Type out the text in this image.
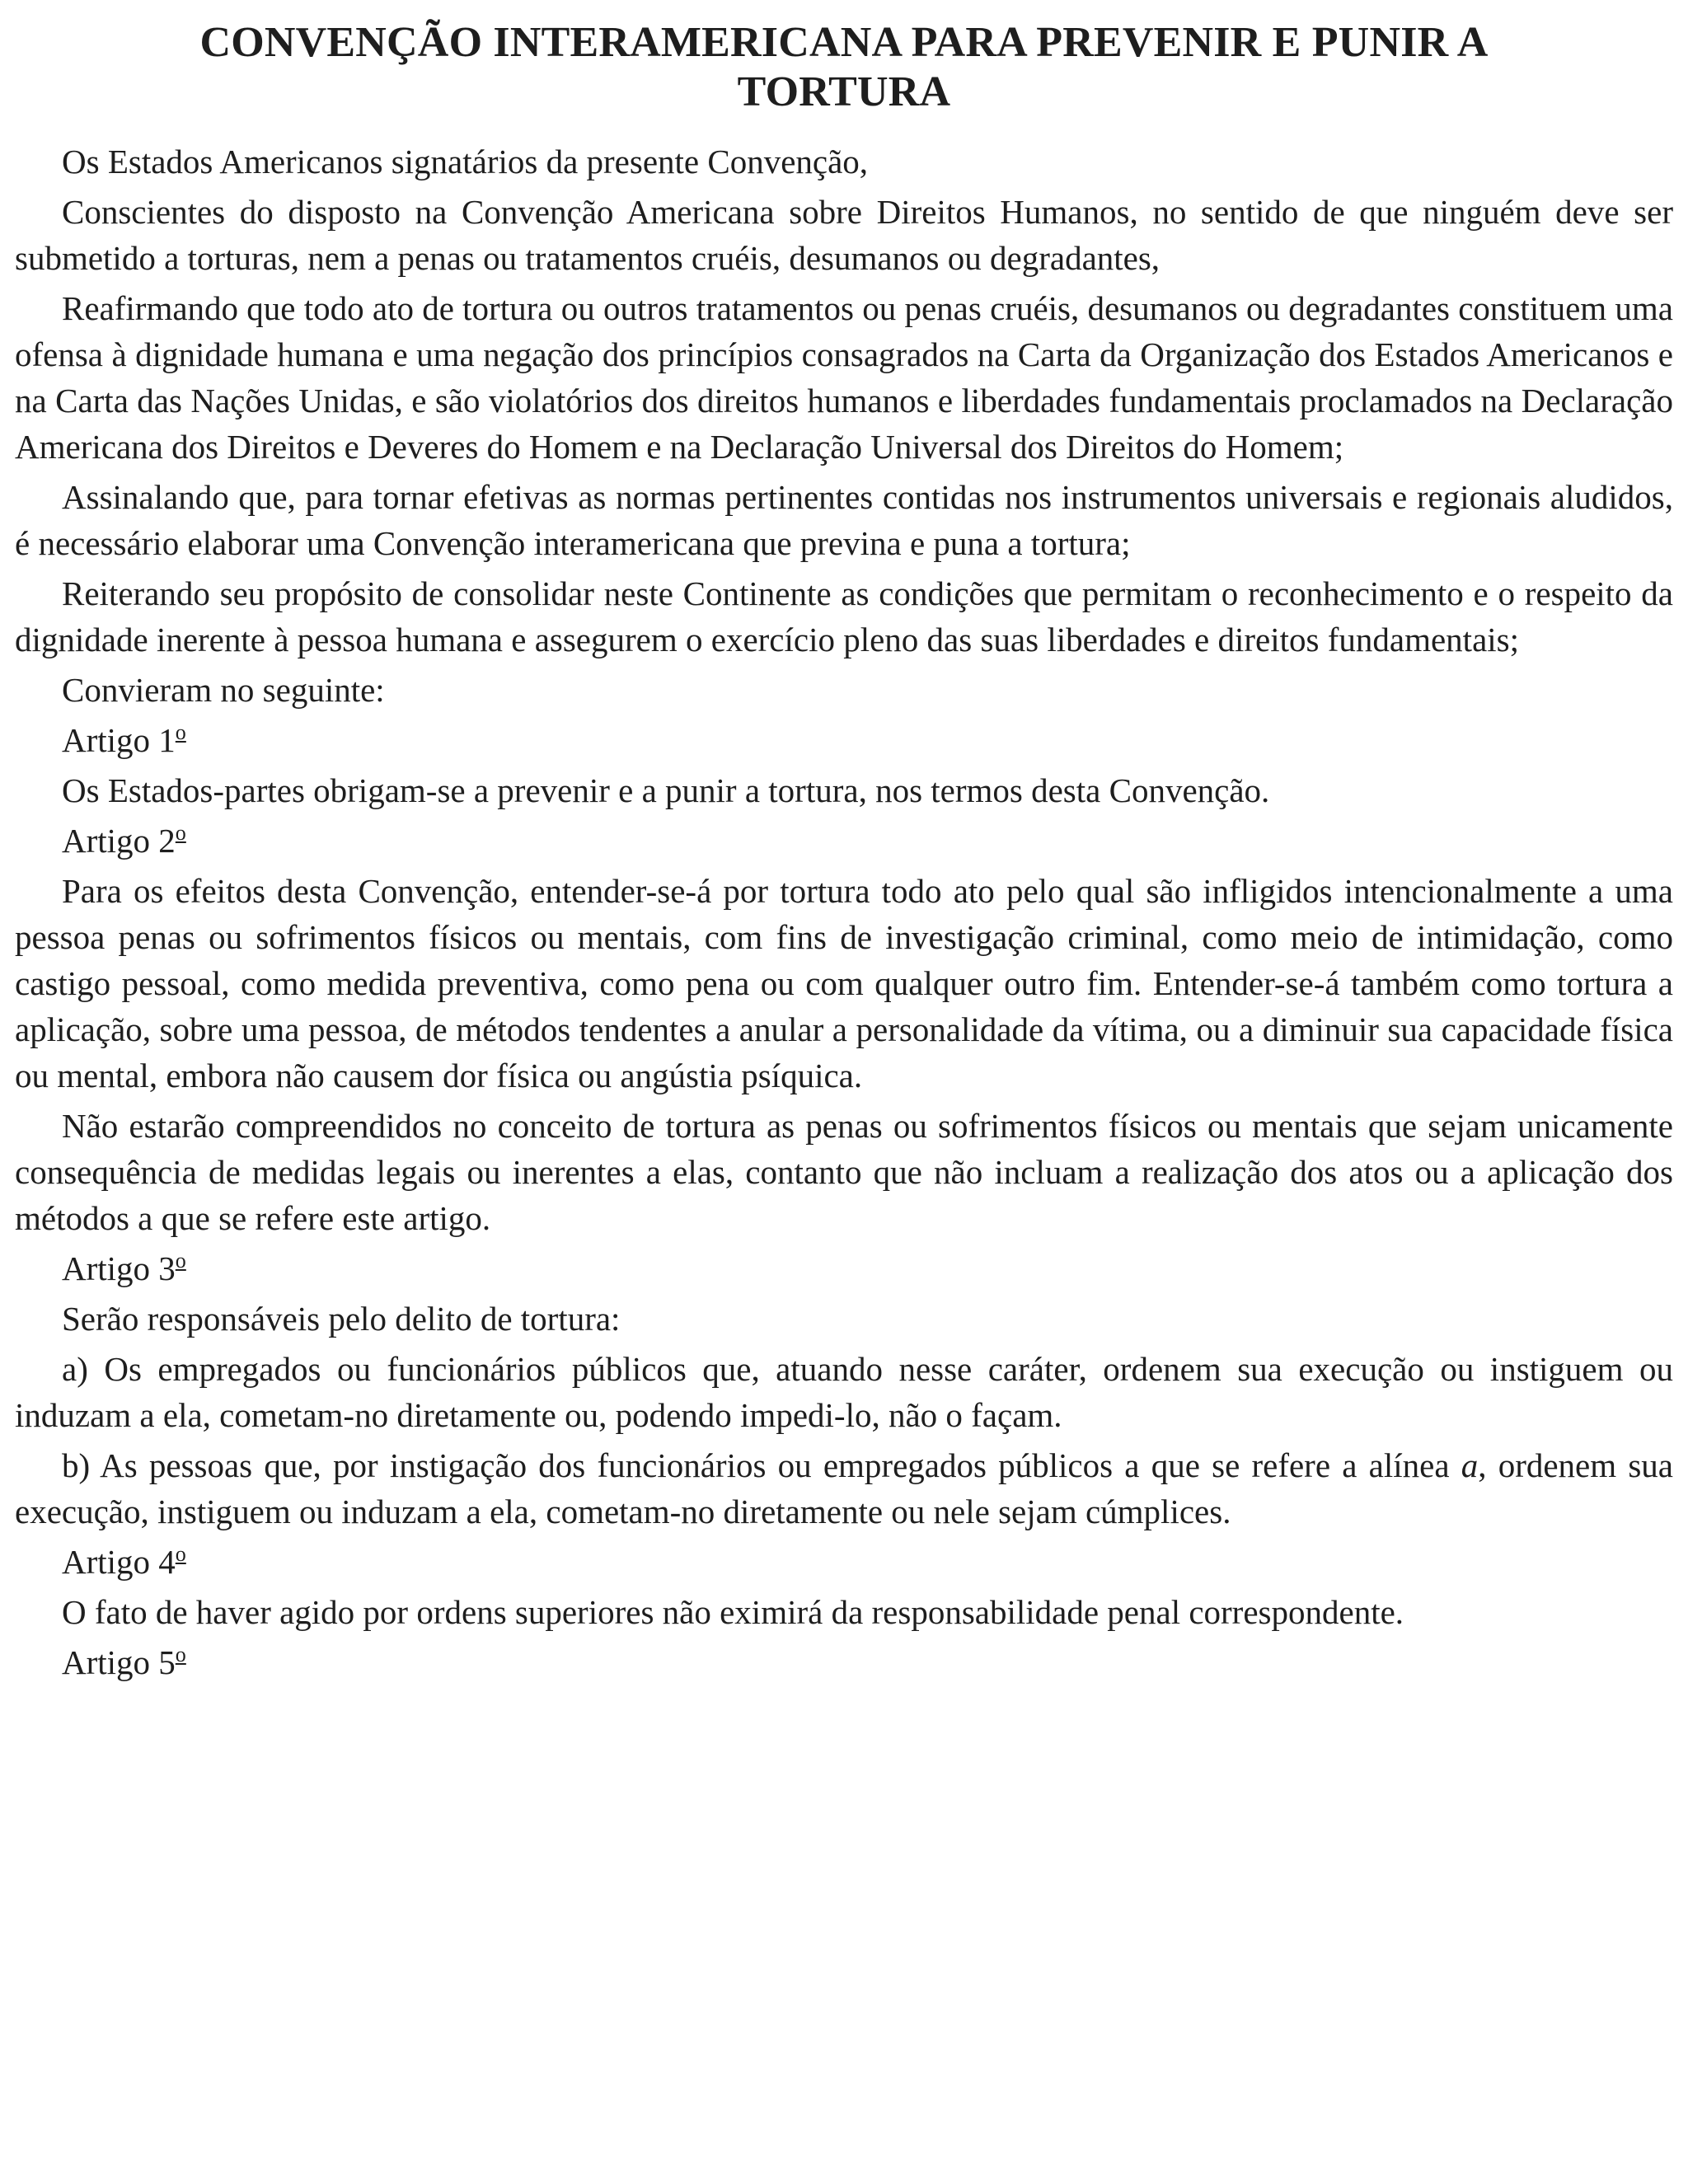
CONVENÇÃO INTERAMERICANA PARA PREVENIR E PUNIR A
TORTURA

Os Estados Americanos signatários da presente Convenção,

Conscientes do disposto na Convenção Americana sobre Direitos Humanos, no sentido de que ninguém deve ser submetido a torturas, nem a penas ou tratamentos cruéis, desumanos ou degradantes,

Reafirmando que todo ato de tortura ou outros tratamentos ou penas cruéis, desumanos ou degradantes constituem uma ofensa à dignidade humana e uma negação dos princípios consagrados na Carta da Organização dos Estados Americanos e na Carta das Nações Unidas, e são violatórios dos direitos humanos e liberdades fundamentais proclamados na Declaração Americana dos Direitos e Deveres do Homem e na Declaração Universal dos Direitos do Homem;

Assinalando que, para tornar efetivas as normas pertinentes contidas nos instrumentos universais e regionais aludidos, é necessário elaborar uma Convenção interamericana que previna e puna a tortura;

Reiterando seu propósito de consolidar neste Continente as condições que permitam o reconhecimento e o respeito da dignidade inerente à pessoa humana e assegurem o exercício pleno das suas liberdades e direitos fundamentais;

Convieram no seguinte:

Artigo 1$^o$

Os Estados-partes obrigam-se a prevenir e a punir a tortura, nos termos desta Convenção.

Artigo 2$^o$

Para os efeitos desta Convenção, entender-se-á por tortura todo ato pelo qual são infligidos intencionalmente a uma pessoa penas ou sofrimentos físicos ou mentais, com fins de investigação criminal, como meio de intimidação, como castigo pessoal, como medida preventiva, como pena ou com qualquer outro fim. Entender-se-á também como tortura a aplicação, sobre uma pessoa, de métodos tendentes a anular a personalidade da vítima, ou a diminuir sua capacidade física ou mental, embora não causem dor física ou angústia psíquica.

Não estarão compreendidos no conceito de tortura as penas ou sofrimentos físicos ou mentais que sejam unicamente consequência de medidas legais ou inerentes a elas, contanto que não incluam a realização dos atos ou a aplicação dos métodos a que se refere este artigo.

Artigo 3$^o$

Serão responsáveis pelo delito de tortura:

a) Os empregados ou funcionários públicos que, atuando nesse caráter, ordenem sua execução ou instiguem ou induzam a ela, cometam-no diretamente ou, podendo impedi-lo, não o façam.

b) As pessoas que, por instigação dos funcionários ou empregados públicos a que se refere a alínea a, ordenem sua execução, instiguem ou induzam a ela, cometam-no diretamente ou nele sejam cúmplices.

Artigo 4$^o$

O fato de haver agido por ordens superiores não eximirá da responsabilidade penal correspondente.

Artigo 5$^o$
